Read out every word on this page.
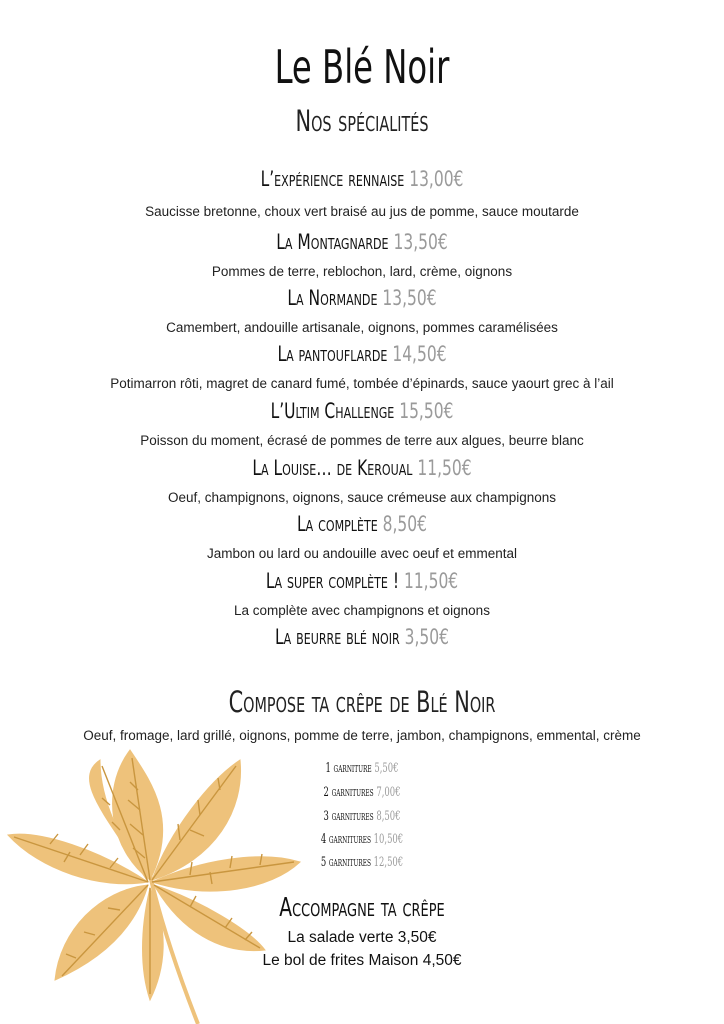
Le Blé Noir
Nos spécialités
L’expérience rennaise 13,00€
Saucisse bretonne, choux vert braisé au jus de pomme, sauce moutarde
La Montagnarde 13,50€
Pommes de terre, reblochon, lard, crème, oignons
La Normande 13,50€
Camembert, andouille artisanale, oignons, pommes caramélisées
La pantouflarde 14,50€
Potimarron rôti, magret de canard fumé, tombée d’épinards, sauce yaourt grec à l’ail
L’Ultim Challenge 15,50€
Poisson du moment, écrasé de pommes de terre aux algues, beurre blanc
La Louise… de Keroual 11,50€
Oeuf, champignons, oignons, sauce crémeuse aux champignons
La complète 8,50€
Jambon ou lard ou andouille avec oeuf et emmental
La super complète ! 11,50€
La complète avec champignons et oignons
La beurre blé noir 3,50€
Compose ta crêpe de Blé Noir
Oeuf, fromage, lard grillé, oignons, pomme de terre, jambon, champignons, emmental, crème
1 garniture 5,50€
2 garnitures 7,00€
3 garnitures 8,50€
4 garnitures 10,50€
5 garnitures 12,50€
Accompagne ta crêpe
La salade verte 3,50€
Le bol de frites Maison 4,50€
